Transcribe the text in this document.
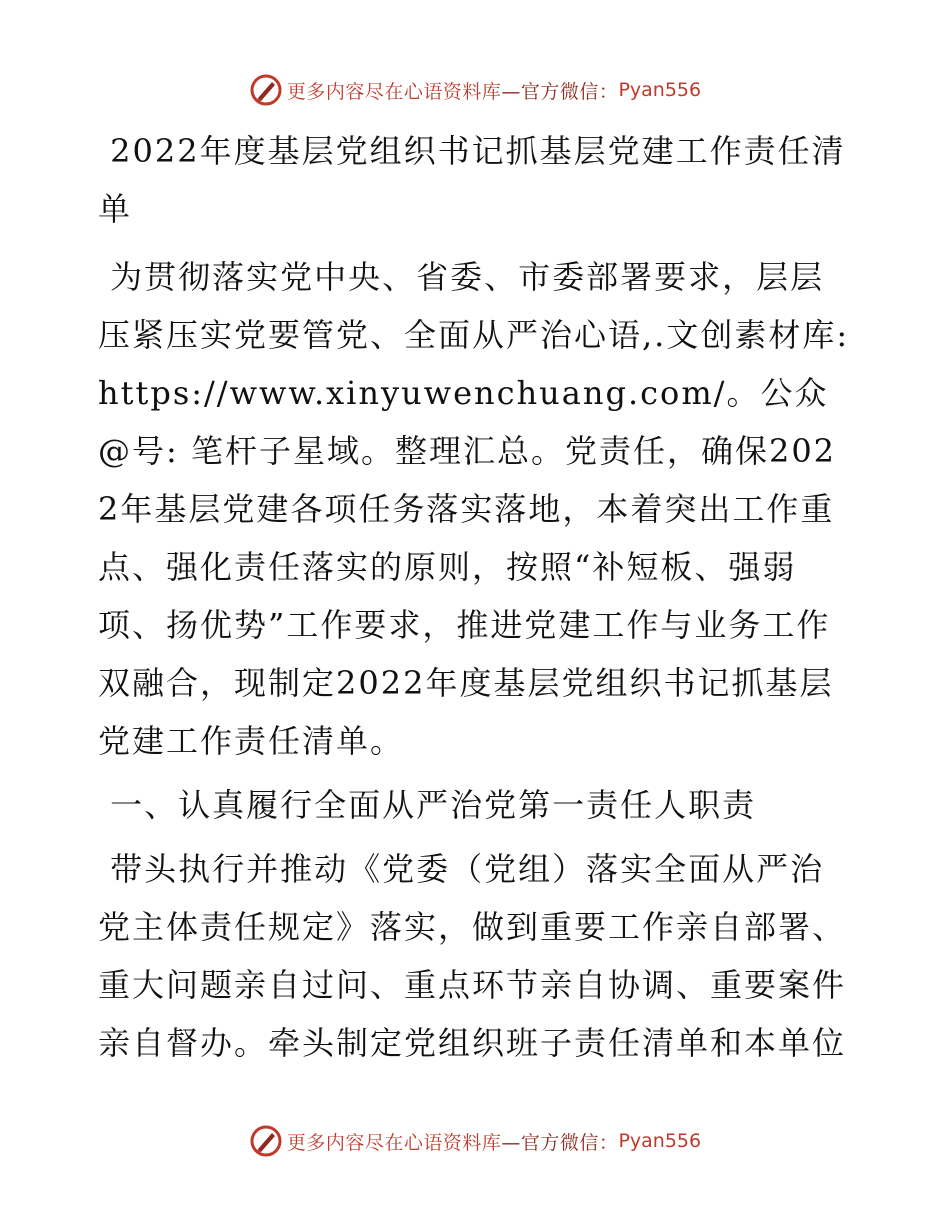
更多内容尽在心语资料库 —官方微信： Pyan556

2022年度基层党组织书记抓基层党建工作责任清单

为贯彻落实党中央、省委、市委部署要求，层层压紧压实党要管党、全面从严治心语,.文创素材库: https://www.xinyuwenchuang.com/。公众@号: 笔杆子星域。整理汇总。党责任，确保2022年基层党建各项任务落实落地，本着突出工作重点、强化责任落实的原则，按照“补短板、强弱项、扬优势”工作要求，推进党建工作与业务工作双融合，现制定2022年度基层党组织书记抓基层党建工作责任清单。

一、认真履行全面从严治党第一责任人职责

带头执行并推动《党委（党组）落实全面从严治党主体责任规定》落实，做到重要工作亲自部署、重大问题亲自过问、重点环节亲自协调、重要案件亲自督办。牵头制定党组织班子责任清单和本单位

更多内容尽在心语资料库 —官方微信： Pyan556
